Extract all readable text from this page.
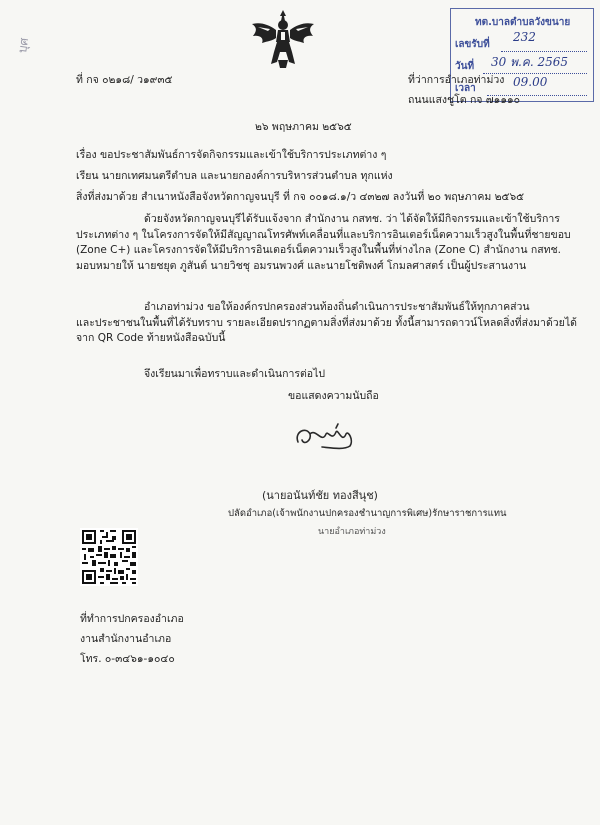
บุศ
ทต.บาลตำบลวังขนาย
เลขรับที่
232
วันที่ 30 พ.ค. 2565
เวลา	09.00
ที่ กจ ๐๒๑๘/ ว๑๙๓๕	ที่ว่าการอำเภอท่าม่วง
ถนนแสงชูโต กจ ๗๑๑๑๐
๒๖ พฤษภาคม ๒๕๖๕
เรื่อง ขอประชาสัมพันธ์การจัดกิจกรรมและเข้าใช้บริการประเภทต่าง ๆ
เรียน นายกเทศมนตรีตำบล และนายกองค์การบริหารส่วนตำบล ทุกแห่ง
สิ่งที่ส่งมาด้วย สำเนาหนังสือจังหวัดกาญจนบุรี ที่ กจ ๐๐๑๘.๑/ว ๔๓๒๗ ลงวันที่ ๒๐ พฤษภาคม ๒๕๖๕
ด้วยจังหวัดกาญจนบุรีได้รับแจ้งจาก สำนักงาน กสทช. ว่า ได้จัดให้มีกิจกรรมและเข้าใช้บริการ
ประเภทต่าง ๆ ในโครงการจัดให้มีสัญญาณโทรศัพท์เคลื่อนที่และบริการอินเตอร์เน็ตความเร็วสูงในพื้นที่ชายขอบ
(Zone C+) และโครงการจัดให้มีบริการอินเตอร์เน็ตความเร็วสูงในพื้นที่ห่างไกล (Zone C) สำนักงาน กสทช.
มอบหมายให้ นายชยุต ภูสันต์ นายวิชชุ อมรนพวงศ์ และนายโชติพงศ์ โกมลศาสตร์ เป็นผู้ประสานงาน
อำเภอท่าม่วง ขอให้องค์กรปกครองส่วนท้องถิ่นดำเนินการประชาสัมพันธ์ให้ทุกภาคส่วน
และประชาชนในพื้นที่ได้รับทราบ รายละเอียดปรากฏตามสิ่งที่ส่งมาด้วย ทั้งนี้สามารถดาวน์โหลดสิ่งที่ส่งมาด้วยได้
จาก QR Code ท้ายหนังสือฉบับนี้
จึงเรียนมาเพื่อทราบและดำเนินการต่อไป
ขอแสดงความนับถือ
(นายอนันท์ชัย ทองสีนุช)
ปลัดอำเภอ(เจ้าพนักงานปกครองชำนาญการพิเศษ)รักษาราชการแทน
นายอำเภอท่าม่วง
ที่ทำการปกครองอำเภอ
งานสำนักงานอำเภอ
โทร. ๐-๓๔๖๑-๑๐๔๐
